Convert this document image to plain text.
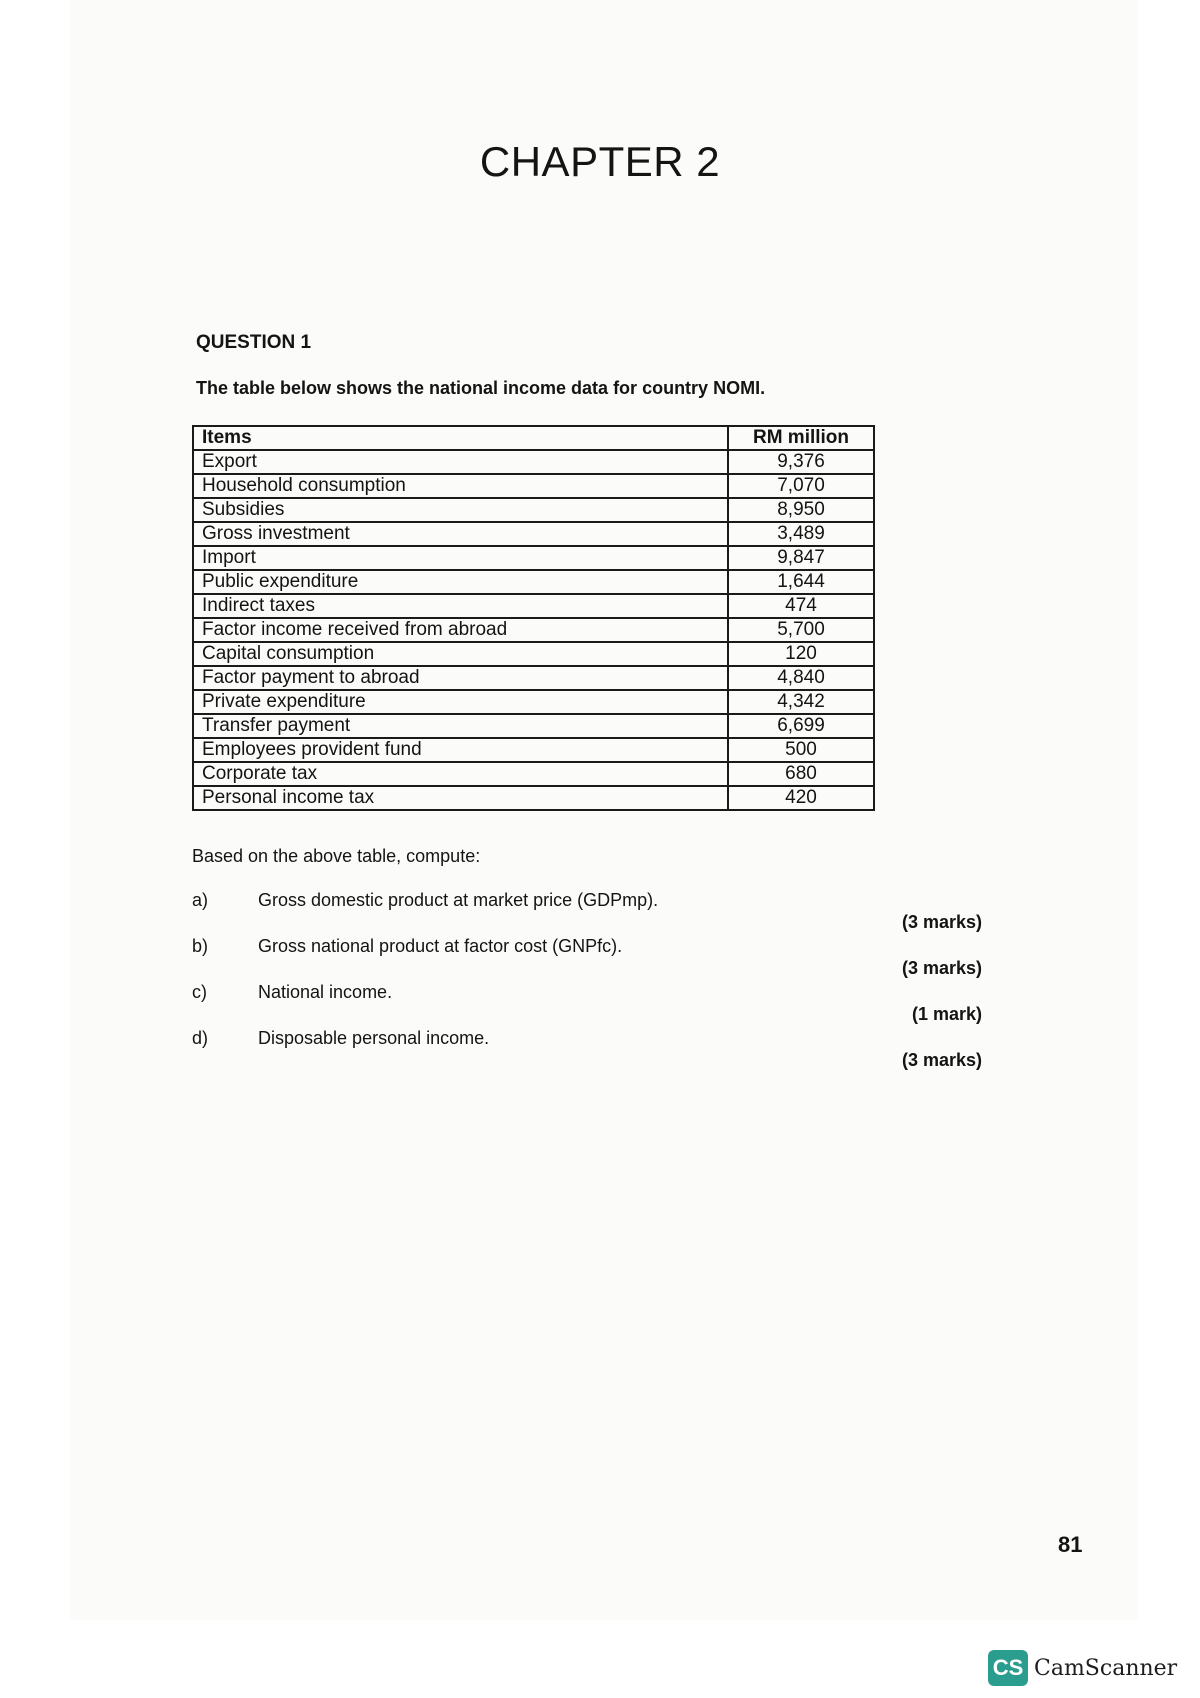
CHAPTER 2
QUESTION 1
The table below shows the national income data for country NOMI.
Items	RM million
Export	9,376
Household consumption	7,070
Subsidies	8,950
Gross investment	3,489
Import	9,847
Public expenditure	1,644
Indirect taxes	474
Factor income received from abroad	5,700
Capital consumption	120
Factor payment to abroad	4,840
Private expenditure	4,342
Transfer payment	6,699
Employees provident fund	500
Corporate tax	680
Personal income tax	420
Based on the above table, compute:
a)	Gross domestic product at market price (GDPmp).
(3 marks)
b)	Gross national product at factor cost (GNPfc).
(3 marks)
c)	National income.
(1 mark)
d)	Disposable personal income.
(3 marks)
81
CS CamScanner
